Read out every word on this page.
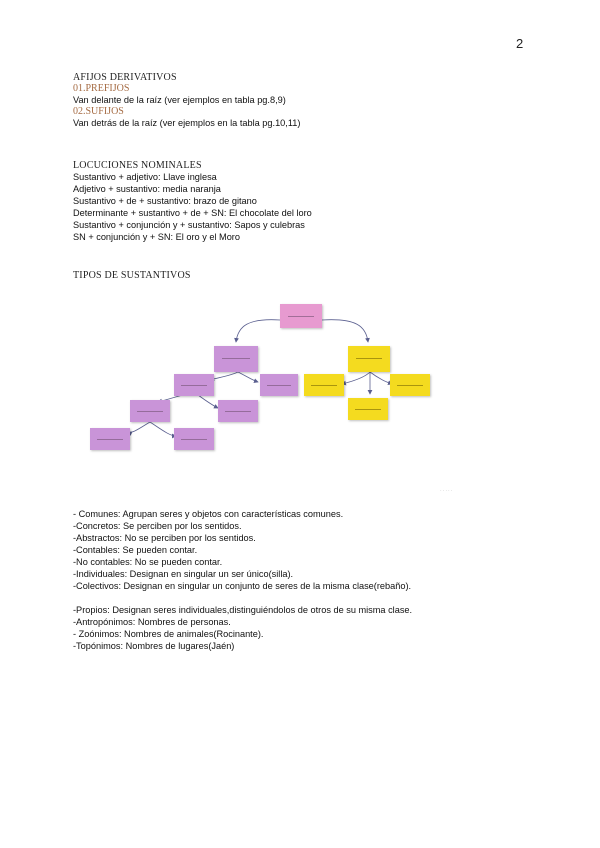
2
AFIJOS DERIVATIVOS
01.PREFIJOS
Van delante de la raíz (ver ejemplos en tabla pg.8,9)
02.SUFIJOS
Van detrás de la raíz (ver ejemplos en la tabla pg.10,11)
LOCUCIONES NOMINALES
Sustantivo + adjetivo: Llave inglesa
Adjetivo + sustantivo: media naranja
Sustantivo + de + sustantivo: brazo de gitano
Determinante + sustantivo + de + SN: El chocolate del loro
Sustantivo + conjunción y + sustantivo: Sapos y culebras
SN + conjunción y + SN: El oro y el Moro
TIPOS DE SUSTANTIVOS
·····
- Comunes: Agrupan seres y objetos con características comunes.
-Concretos: Se perciben por los sentidos.
-Abstractos: No se perciben por los sentidos.
-Contables: Se pueden contar.
-No contables: No se pueden contar.
-Individuales: Designan en singular un ser único(silla).
-Colectivos: Designan en singular un conjunto de seres de la misma clase(rebaño).
-Propios: Designan seres individuales,distinguiéndolos de otros de su misma clase.
-Antropónimos: Nombres de personas.
- Zoónimos: Nombres de animales(Rocinante).
-Topónimos: Nombres de lugares(Jaén)
